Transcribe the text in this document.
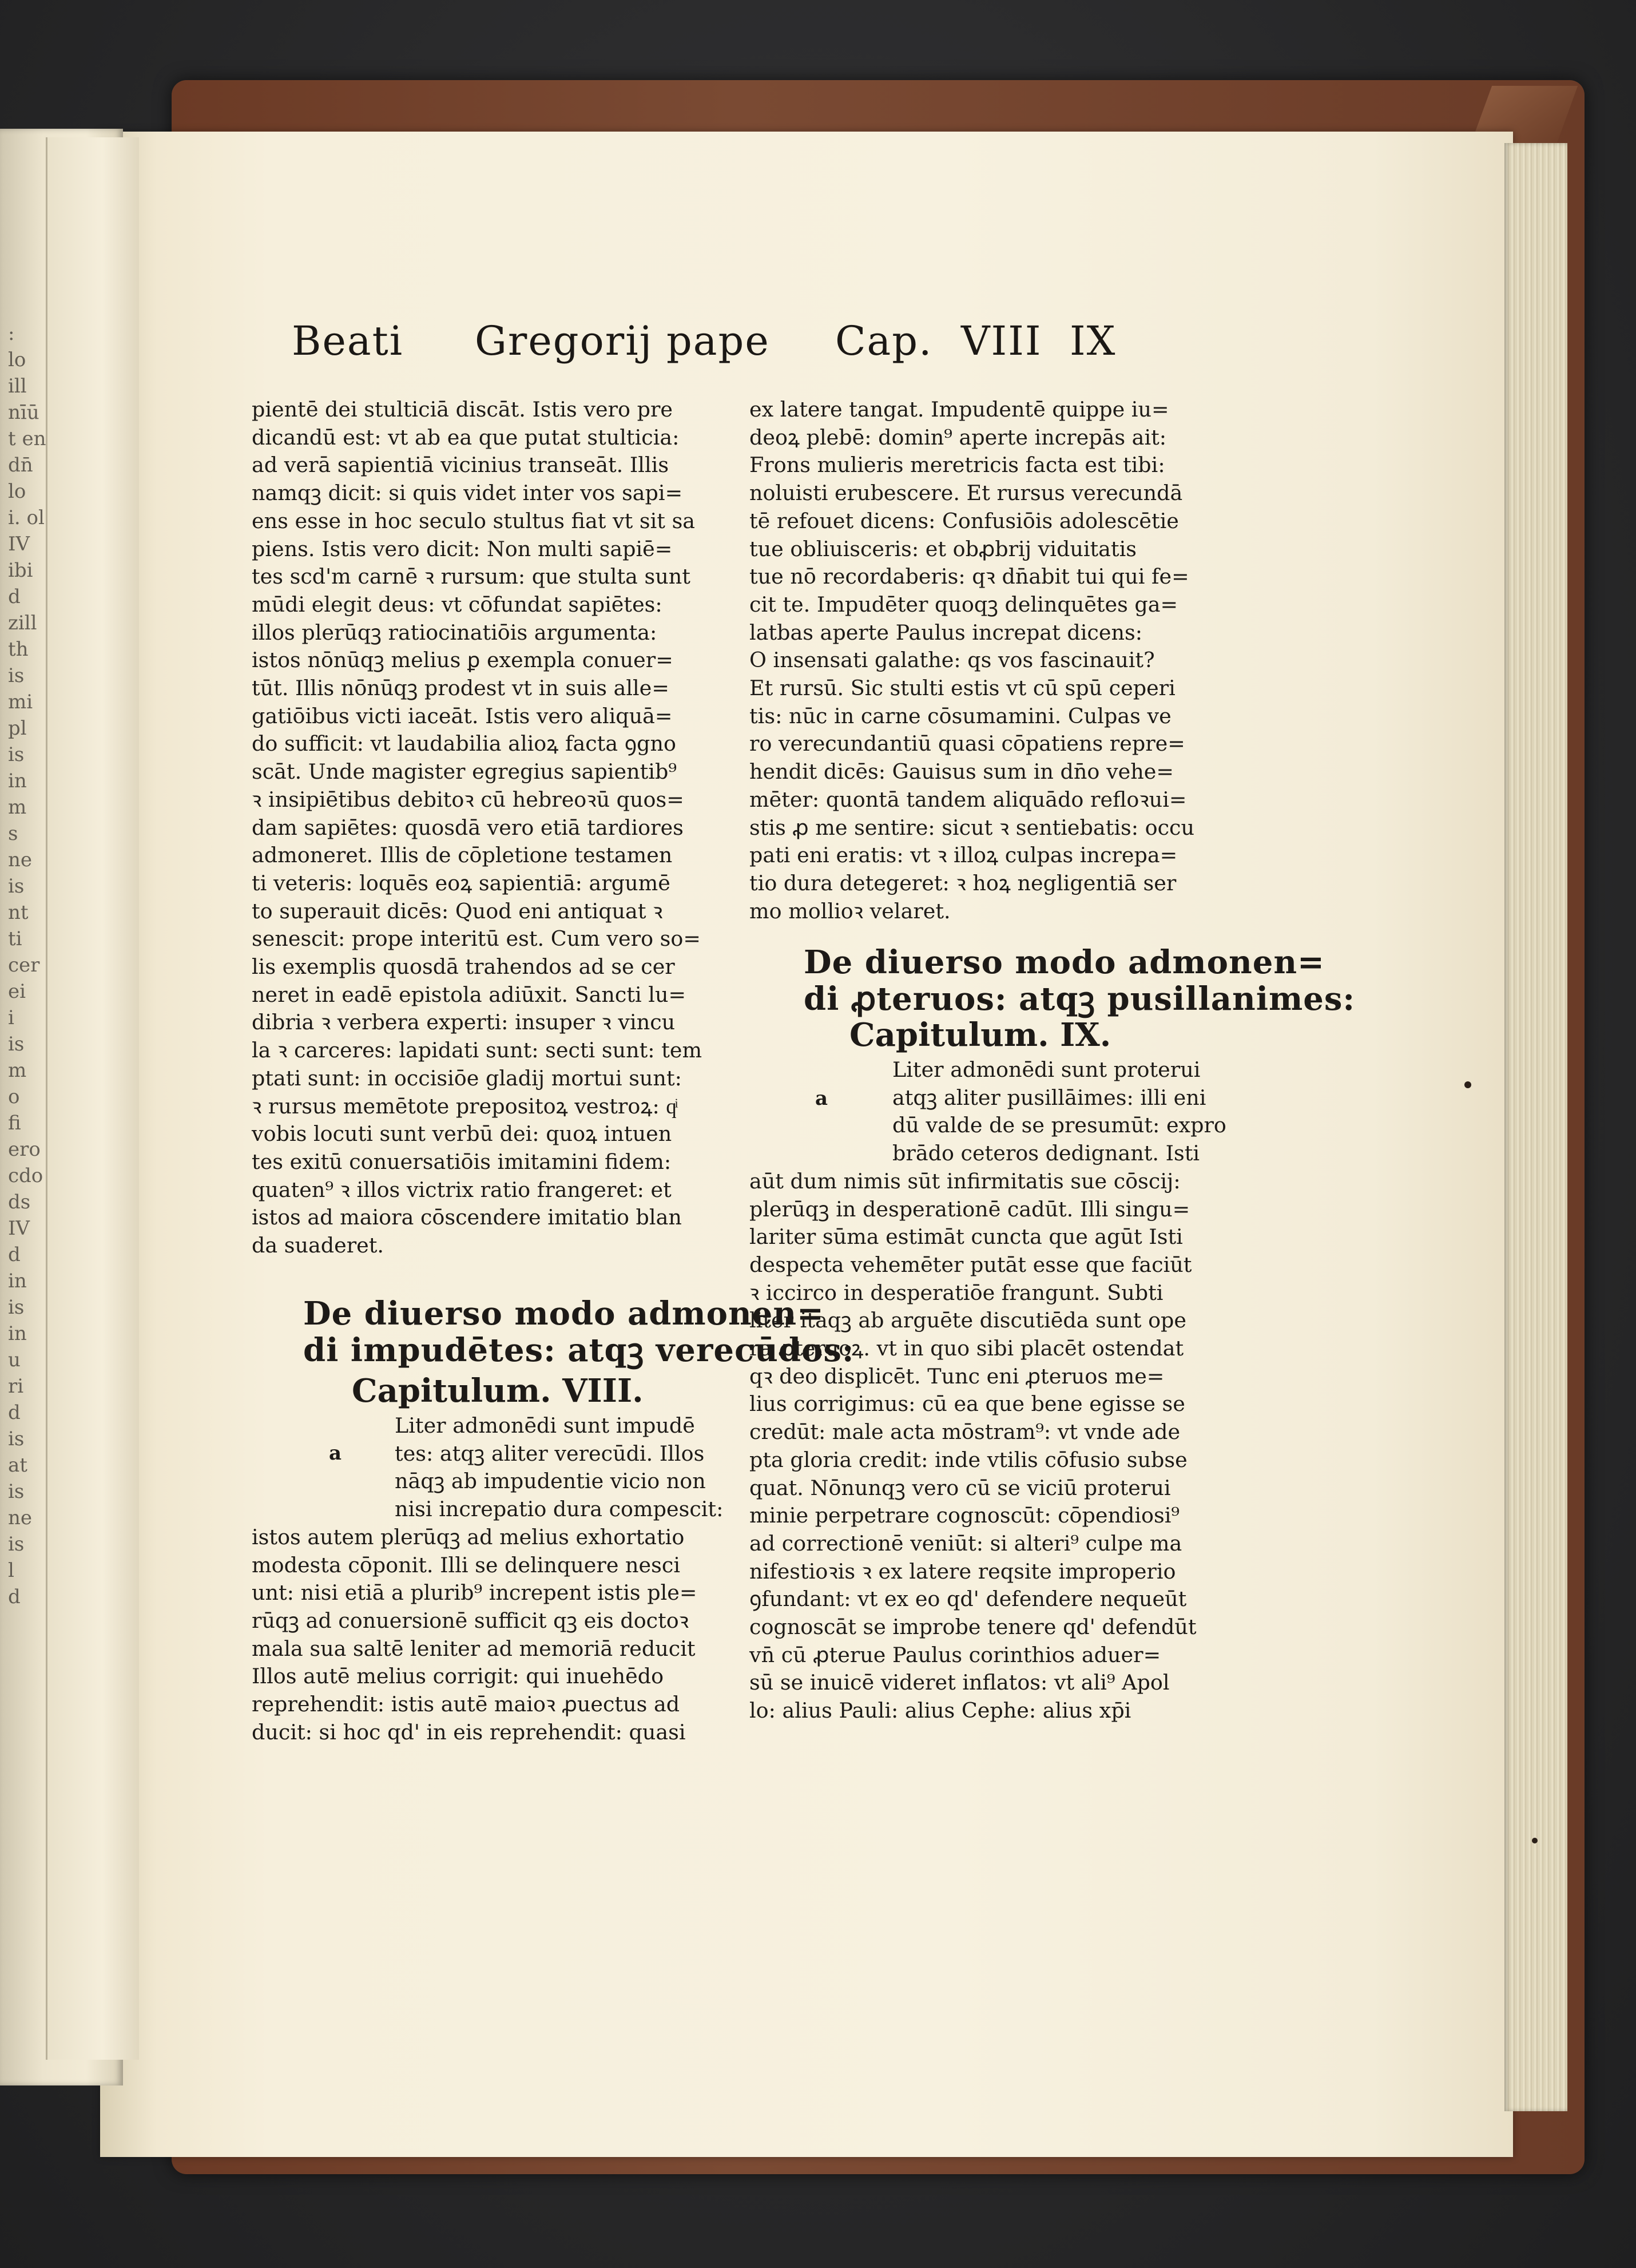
:
lo
ill
nīū
t en
dn̄
lo
i. ol
IV
ibi
d
zill
th
is
mi
pl
is
in
m
s
ne
is
nt
ti
cer
ei
i
is
m
o
fi
ero
cdo
ds
IV
d
in
is
in
u
ri
d
is
at
is
ne
is
l
d
Beati Gregorij pape Cap. VIII  IX
pientē dei stulticiā discāt. Istis vero pre
dicandū est: vt ab ea que putat stulticia:
ad verā sapientiā vicinius transeāt. Illis
namqꝫ dicit: si quis videt inter vos sapi=
ens esse in hoc seculo stultus fiat vt sit sa
piens. Istis vero dicit: Non multi sapiē=
tes scd'm carnē ꝛ rursum: que stulta sunt
mūdi elegit deus: vt cōfundat sapiētes:
illos plerūqꝫ ratiocinatiōis argumenta:
istos nōnūqꝫ melius ꝑ exempla conuer=
tūt. Illis nōnūqꝫ prodest vt in suis alle=
gatiōibus victi iaceāt. Istis vero aliquā=
do sufficit: vt laudabilia alioꝝ facta ꝯgno
scāt. Unde magister egregius sapientib⁹
ꝛ insipiētibus debitoꝛ cū hebreoꝛū quos=
dam sapiētes: quosdā vero etiā tardiores
admoneret. Illis de cōpletione testamen
ti veteris: loquēs eoꝝ sapientiā: argumē
to superauit dicēs: Quod eni antiquat ꝛ
senescit: prope interitū est. Cum vero so=
lis exemplis quosdā trahendos ad se cer
neret in eadē epistola adiūxit. Sancti lu=
dibria ꝛ verbera experti: insuper ꝛ vincu
la ꝛ carceres: lapidati sunt: secti sunt: tem
ptati sunt: in occisiōe gladij mortui sunt:
ꝛ rursus memētote prepositoꝝ vestroꝝ: qͥ
vobis locuti sunt verbū dei: quoꝝ intuen
tes exitū conuersatiōis imitamini fidem:
quaten⁹ ꝛ illos victrix ratio frangeret: et
istos ad maiora cōscendere imitatio blan
da suaderet.
De diuerso modo admonen=
di impudētes: atqꝫ verecūdos:
Capitulum. VIII.
a
Liter admonēdi sunt impudē
tes: atqꝫ aliter verecūdi. Illos
nāqꝫ ab impudentie vicio non
nisi increpatio dura compescit:
istos autem plerūqꝫ ad melius exhortatio
modesta cōponit. Illi se delinquere nesci
unt: nisi etiā a plurib⁹ increpent istis ple=
rūqꝫ ad conuersionē sufficit qꝫ eis doctoꝛ
mala sua saltē leniter ad memoriā reducit
Illos autē melius corrigit: qui inuehēdo
reprehendit: istis autē maioꝛ ꝓuectus ad
ducit: si hoc qd' in eis reprehendit: quasi
ex latere tangat. Impudentē quippe iu=
deoꝝ plebē: domin⁹ aperte increpās ait:
Frons mulieris meretricis facta est tibi:
noluisti erubescere. Et rursus verecundā
tē refouet dicens: Confusiōis adolescētie
tue obliuisceris: et obꝓbrij viduitatis
tue nō recordaberis: qꝛ dn̄abit tui qui fe=
cit te. Impudēter quoqꝫ delinquētes ga=
latbas aperte Paulus increpat dicens:
O insensati galathe: qs vos fascinauit?
Et rursū. Sic stulti estis vt cū spū ceperi
tis: nūc in carne cōsumamini. Culpas ve
ro verecundantiū quasi cōpatiens repre=
hendit dicēs: Gauisus sum in dn̄o vehe=
mēter: quontā tandem aliquādo refloꝛui=
stis ꝓ me sentire: sicut ꝛ sentiebatis: occu
pati eni eratis: vt ꝛ illoꝝ culpas increpa=
tio dura detegeret: ꝛ hoꝝ negligentiā ser
mo mollioꝛ velaret.
De diuerso modo admonen=
di ꝓteruos: atqꝫ pusillanimes:
Capitulum. IX.
a
Liter admonēdi sunt proterui
atqꝫ aliter pusillāimes: illi eni
dū valde de se presumūt: expro
brādo ceteros dedignant. Isti
aūt dum nimis sūt infirmitatis sue cōscij:
plerūqꝫ in desperationē cadūt. Illi singu=
lariter sūma estimāt cuncta que agūt Isti
despecta vehemēter putāt esse que faciūt
ꝛ iccirco in desperatiōe frangunt. Subti
liter itaqꝫ ab arguēte discutiēda sunt ope
ra ꝓteruoꝝ. vt in quo sibi placēt ostendat
qꝛ deo displicēt. Tunc eni ꝓteruos me=
lius corrigimus: cū ea que bene egisse se
credūt: male acta mōstram⁹: vt vnde ade
pta gloria credit: inde vtilis cōfusio subse
quat. Nōnunqꝫ vero cū se viciū proterui
minie perpetrare cognoscūt: cōpendiosi⁹
ad correctionē veniūt: si alteri⁹ culpe ma
nifestioꝛis ꝛ ex latere reqsite improperio
ꝯfundant: vt ex eo qd' defendere nequeūt
cognoscāt se improbe tenere qd' defendūt
vn̄ cū ꝓterue Paulus corinthios aduer=
sū se inuicē videret inflatos: vt ali⁹ Apol
lo: alius Pauli: alius Cephe: alius xp̄i
